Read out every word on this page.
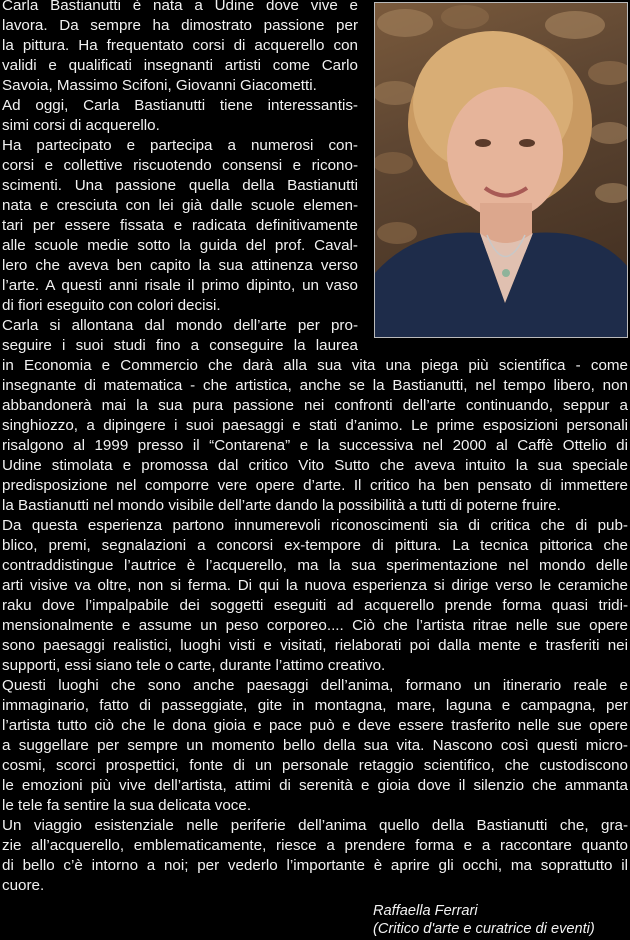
Carla Bastianutti è nata a Udine dove vive e

lavora. Da sempre ha dimostrato passione per

la pittura. Ha frequentato corsi di acquerello con

validi e qualificati insegnanti artisti come Carlo

Savoia, Massimo Scifoni, Giovanni Giacometti.

Ad oggi, Carla Bastianutti tiene interessantis-

simi corsi di acquerello.

Ha partecipato e partecipa a numerosi con-

corsi e collettive riscuotendo consensi e ricono-

scimenti. Una passione quella della Bastianutti

nata e cresciuta con lei già dalle scuole elemen-

tari per essere fissata e radicata definitivamente

alle scuole medie sotto la guida del prof. Caval-

lero che aveva ben capito la sua attinenza verso

l’arte. A questi anni risale il primo dipinto, un vaso

di fiori eseguito con colori decisi.

Carla si allontana dal mondo dell’arte per pro-

seguire i suoi studi fino a conseguire la laurea

in Economia e Commercio che darà alla sua vita una piega più scientifica - come

insegnante di matematica - che artistica, anche se la Bastianutti, nel tempo libero, non

abbandonerà mai la sua pura passione nei confronti dell’arte continuando, seppur a

singhiozzo, a dipingere i suoi paesaggi e stati d’animo. Le prime esposizioni personali

risalgono al 1999 presso il “Contarena” e la successiva nel 2000 al Caffè Ottelio di

Udine stimolata e promossa dal critico Vito Sutto che aveva intuito la sua speciale

predisposizione nel comporre vere opere d’arte. Il critico ha ben pensato di immettere

la Bastianutti nel mondo visibile dell’arte dando la possibilità a tutti di poterne fruire.

Da questa esperienza partono innumerevoli riconoscimenti sia di critica che di pub-

blico, premi, segnalazioni a concorsi ex-tempore di pittura. La tecnica pittorica che

contraddistingue l’autrice è l’acquerello, ma la sua sperimentazione nel mondo delle

arti visive va oltre, non si ferma. Di qui la nuova esperienza si dirige verso le ceramiche

raku dove l’impalpabile dei soggetti eseguiti ad acquerello prende forma quasi tridi-

mensionalmente e assume un peso corporeo.... Ciò che l’artista ritrae nelle sue opere

sono paesaggi realistici, luoghi visti e visitati, rielaborati poi dalla mente e trasferiti nei

supporti, essi siano tele o carte, durante l’attimo creativo.

Questi luoghi che sono anche paesaggi dell’anima, formano un itinerario reale e

immaginario, fatto di passeggiate, gite in montagna, mare, laguna e campagna, per

l’artista tutto ciò che le dona gioia e pace può e deve essere trasferito nelle sue opere

a suggellare per sempre un momento bello della sua vita. Nascono così questi micro-

cosmi, scorci prospettici, fonte di un personale retaggio scientifico, che custodiscono

le emozioni più vive dell’artista, attimi di serenità e gioia dove il silenzio che ammanta

le tele fa sentire la sua delicata voce.

Un viaggio esistenziale nelle periferie dell’anima quello della Bastianutti che, gra-

zie all’acquerello, emblematicamente, riesce a prendere forma e a raccontare quanto

di bello c’è intorno a noi; per vederlo l’importante è aprire gli occhi, ma soprattutto il

cuore.

Raffaella Ferrari
(Critico d'arte e curatrice di eventi)
